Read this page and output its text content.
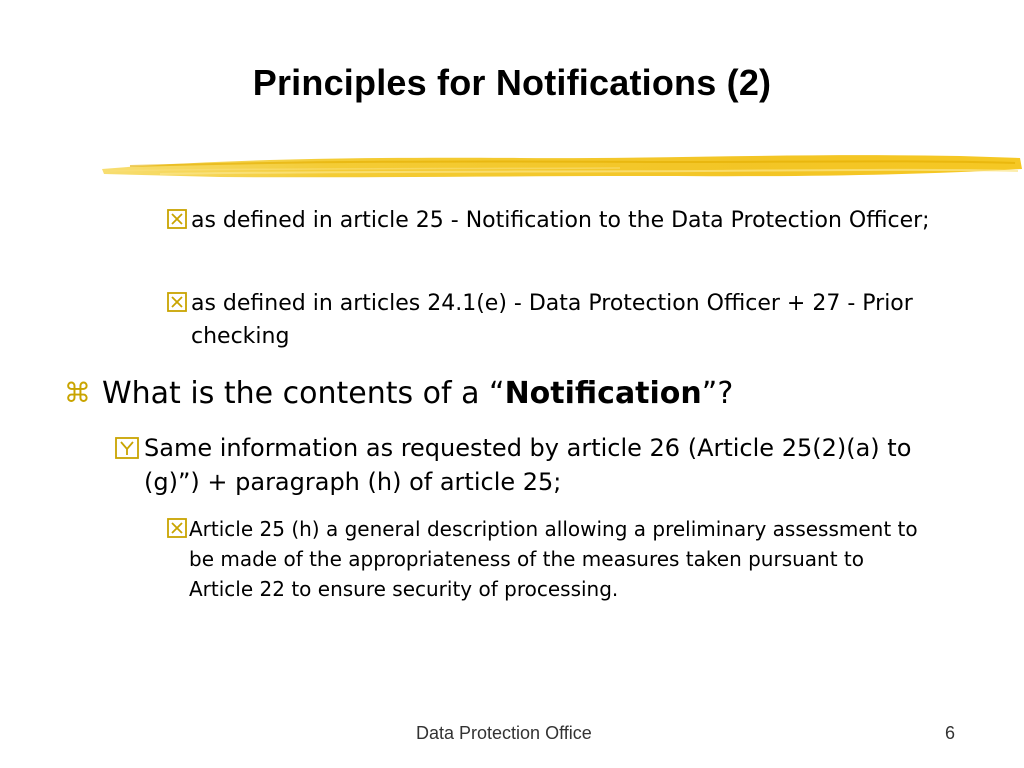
Principles for Notifications (2)
as defined in article 25 - Notification to the Data Protection Officer;
as defined in articles 24.1(e) - Data Protection Officer + 27 - Prior checking
⌘ What is the contents of a “Notification”?
Same information as requested by article 26 (Article 25(2)(a) to (g)”) + paragraph (h) of article 25;
Article 25 (h) a general description allowing a preliminary assessment to be made of the appropriateness of the measures taken pursuant to Article 22 to ensure security of processing.
Data Protection Office	6
